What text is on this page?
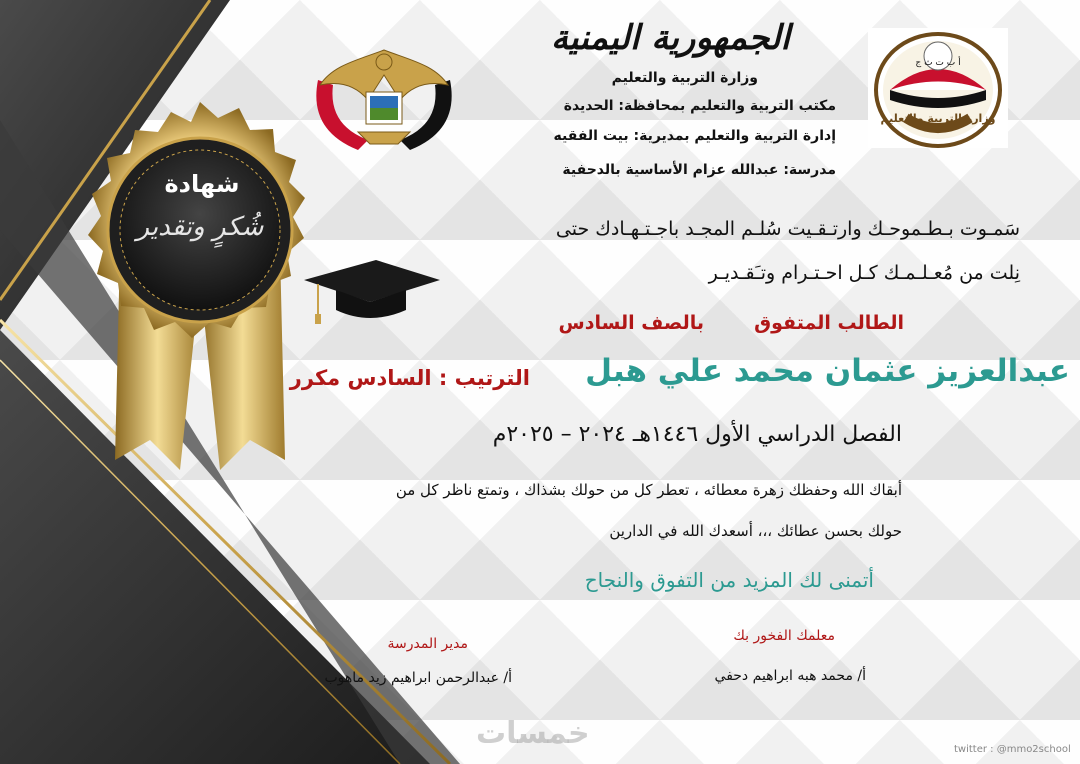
شهادة
شُكرٍ وتقدير
أ ب ت ث ج
وزارة التربية والتعليم
الجمهورية اليمنية
وزارة التربية والتعليم
مكتب التربية والتعليم بمحافظة: الحديدة
إدارة التربية والتعليم بمديرية: بيت الفقيه
مدرسة: عبدالله عزام الأساسية بالدحفية
سَمـوت بـطـموحـك وارتـقـيت سُلـم المجـد باجـتـهـادك حتى
نِلت من مُعـلـمـك كـل احـتـرام وتـَقـديـر
الطالب المتفوق
بالصف السادس
عبدالعزيز عثمان محمد علي هبل
الترتيب : السادس مكرر
الفصل الدراسي الأول ١٤٤٦هـ ٢٠٢٤ – ٢٠٢٥م
أبقاك الله وحفظك زهرة معطائه ، تعطر كل من حولك بشذاك ، وتمتع ناظر كل من
حولك بحسن عطائك ،،، أسعدك الله في الدارين
أتمنى لك المزيد من التفوق والنجاح
معلمك الفخور بك
أ/ محمد هبه ابراهيم دحفي
مدير المدرسة
أ/ عبدالرحمن ابراهيم زيد ماهوب
خمسات	twitter : @mmo2school
